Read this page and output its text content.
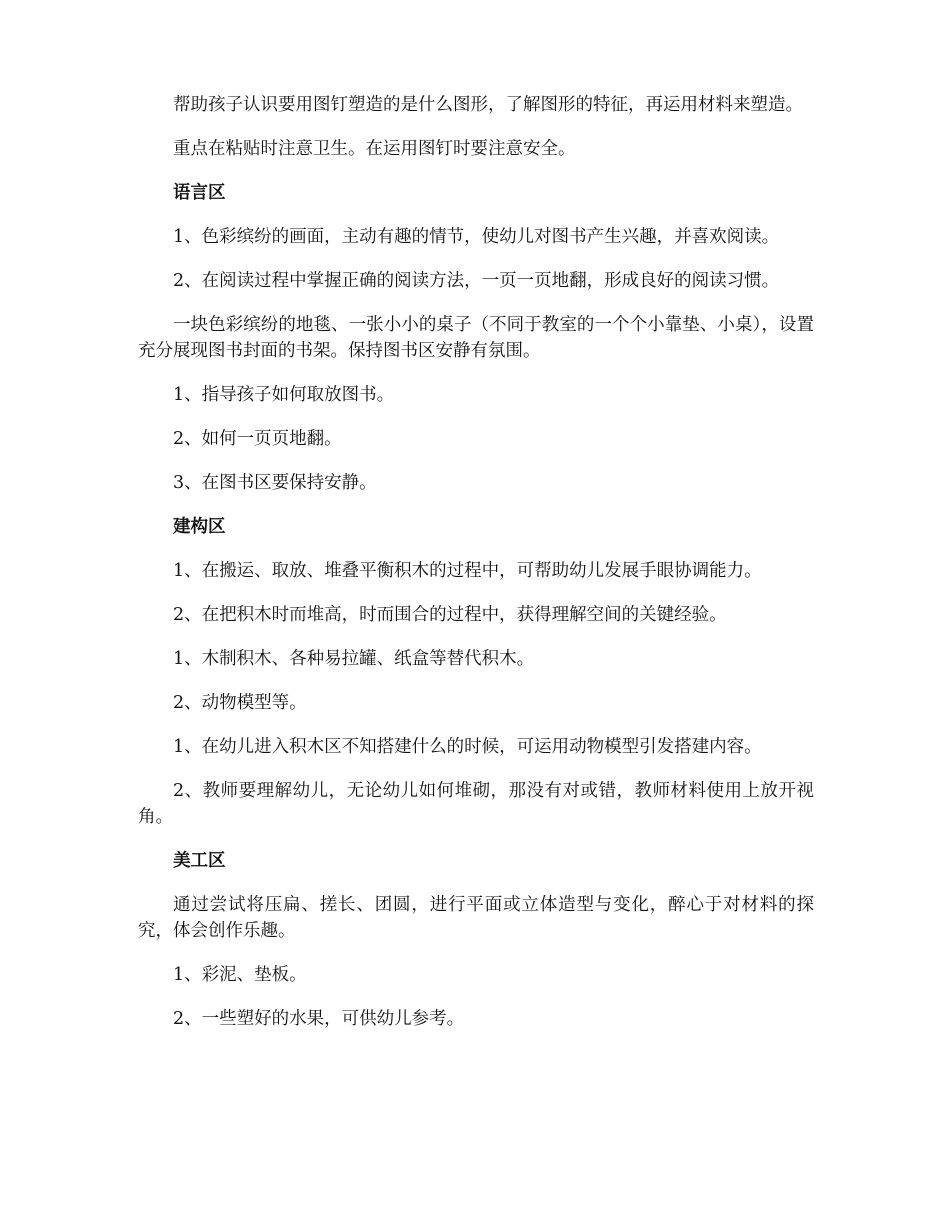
帮助孩子认识要用图钉塑造的是什么图形，了解图形的特征，再运用材料来塑造。

重点在粘贴时注意卫生。在运用图钉时要注意安全。

语言区

1、色彩缤纷的画面，主动有趣的情节，使幼儿对图书产生兴趣，并喜欢阅读。

2、在阅读过程中掌握正确的阅读方法，一页一页地翻，形成良好的阅读习惯。

一块色彩缤纷的地毯、一张小小的桌子（不同于教室的一个个小靠垫、小桌），设置充分展现图书封面的书架。保持图书区安静有氛围。

1、指导孩子如何取放图书。

2、如何一页页地翻。

3、在图书区要保持安静。

建构区

1、在搬运、取放、堆叠平衡积木的过程中，可帮助幼儿发展手眼协调能力。

2、在把积木时而堆高，时而围合的过程中，获得理解空间的关键经验。

1、木制积木、各种易拉罐、纸盒等替代积木。

2、动物模型等。

1、在幼儿进入积木区不知搭建什么的时候，可运用动物模型引发搭建内容。

2、教师要理解幼儿，无论幼儿如何堆砌，那没有对或错，教师材料使用上放开视角。

美工区

通过尝试将压扁、搓长、团圆，进行平面或立体造型与变化，醉心于对材料的探究，体会创作乐趣。

1、彩泥、垫板。

2、一些塑好的水果，可供幼儿参考。
